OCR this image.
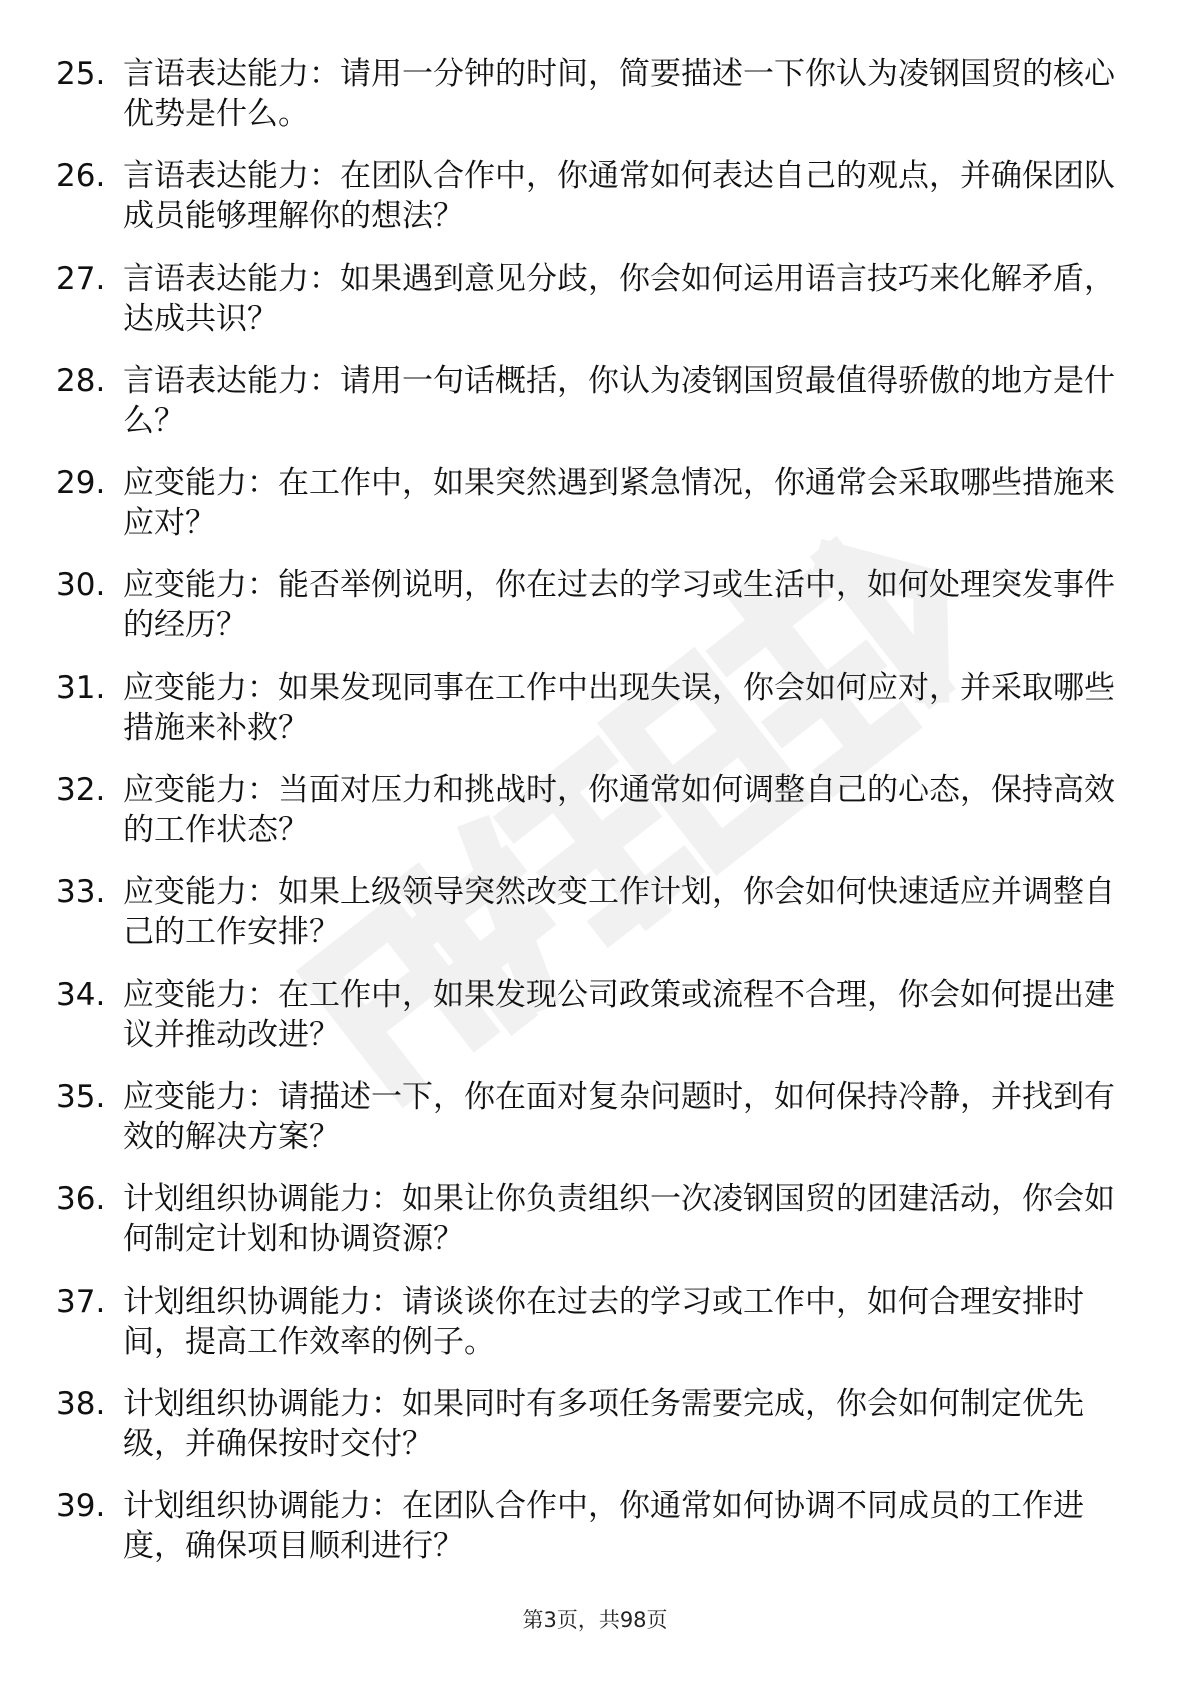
25. 言语表达能力：请用一分钟的时间，简要描述一下你认为凌钢国贸的核心优势是什么。
26. 言语表达能力：在团队合作中，你通常如何表达自己的观点，并确保团队成员能够理解你的想法？
27. 言语表达能力：如果遇到意见分歧，你会如何运用语言技巧来化解矛盾，达成共识？
28. 言语表达能力：请用一句话概括，你认为凌钢国贸最值得骄傲的地方是什么？
29. 应变能力：在工作中，如果突然遇到紧急情况，你通常会采取哪些措施来应对？
30. 应变能力：能否举例说明，你在过去的学习或生活中，如何处理突发事件的经历？
31. 应变能力：如果发现同事在工作中出现失误，你会如何应对，并采取哪些措施来补救？
32. 应变能力：当面对压力和挑战时，你通常如何调整自己的心态，保持高效的工作状态？
33. 应变能力：如果上级领导突然改变工作计划，你会如何快速适应并调整自己的工作安排？
34. 应变能力：在工作中，如果发现公司政策或流程不合理，你会如何提出建议并推动改进？
35. 应变能力：请描述一下，你在面对复杂问题时，如何保持冷静，并找到有效的解决方案？
36. 计划组织协调能力：如果让你负责组织一次凌钢国贸的团建活动，你会如何制定计划和协调资源？
37. 计划组织协调能力：请谈谈你在过去的学习或工作中，如何合理安排时间，提高工作效率的例子。
38. 计划组织协调能力：如果同时有多项任务需要完成，你会如何制定优先级，并确保按时交付？
39. 计划组织协调能力：在团队合作中，你通常如何协调不同成员的工作进度，确保项目顺利进行？
第3页，共98页
